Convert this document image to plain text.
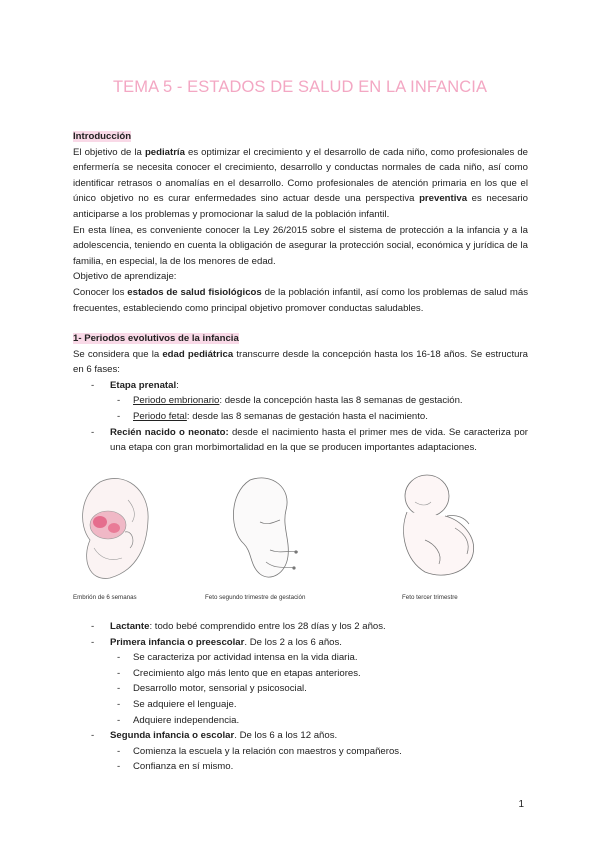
TEMA 5 - ESTADOS DE SALUD EN LA INFANCIA

Introducción

El objetivo de la pediatría es optimizar el crecimiento y el desarrollo de cada niño, como profesionales de enfermería se necesita conocer el crecimiento, desarrollo y conductas normales de cada niño, así como identificar retrasos o anomalías en el desarrollo. Como profesionales de atención primaria en los que el único objetivo no es curar enfermedades sino actuar desde una perspectiva preventiva es necesario anticiparse a los problemas y promocionar la salud de la población infantil.

En esta línea, es conveniente conocer la Ley 26/2015 sobre el sistema de protección a la infancia y a la adolescencia, teniendo en cuenta la obligación de asegurar la protección social, económica y jurídica de la familia, en especial, la de los menores de edad.

Objetivo de aprendizaje:

Conocer los estados de salud fisiológicos de la población infantil, así como los problemas de salud más frecuentes, estableciendo como principal objetivo promover conductas saludables.

1- Periodos evolutivos de la infancia

Se considera que la edad pediátrica transcurre desde la concepción hasta los 16-18 años. Se estructura en 6 fases:

- Etapa prenatal:

- Periodo embrionario: desde la concepción hasta las 8 semanas de gestación.

- Periodo fetal: desde las 8 semanas de gestación hasta el nacimiento.

- Recién nacido o neonato: desde el nacimiento hasta el primer mes de vida. Se caracteriza por una etapa con gran morbimortalidad en la que se producen importantes adaptaciones.

Embrión de 6 semanas	Feto segundo trimestre de gestación	Feto tercer trimestre

- Lactante: todo bebé comprendido entre los 28 días y los 2 años.

- Primera infancia o preescolar. De los 2 a los 6 años.

- Se caracteriza por actividad intensa en la vida diaria.

- Crecimiento algo más lento que en etapas anteriores.

- Desarrollo motor, sensorial y psicosocial.

- Se adquiere el lenguaje.

- Adquiere independencia.

- Segunda infancia o escolar. De los 6 a los 12 años.

- Comienza la escuela y la relación con maestros y compañeros.

- Confianza en sí mismo.

1
